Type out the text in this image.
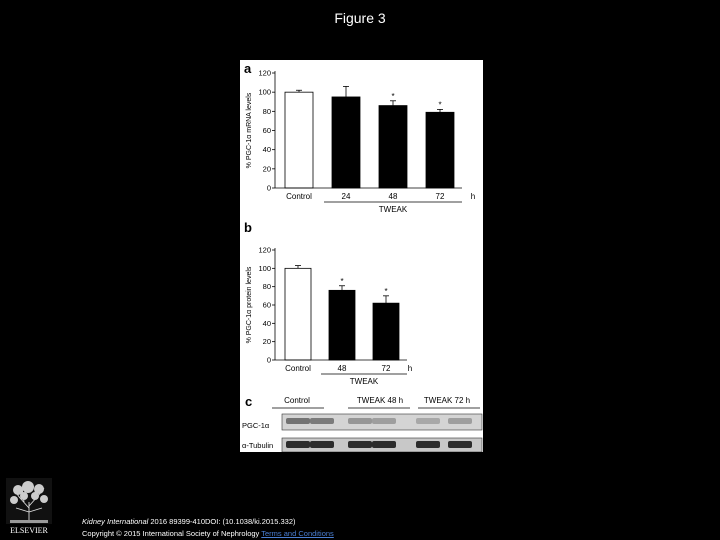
Figure 3
a
% PGC-1α mRNA levels
0
20
40
60
80
100
120
Control	24
*
48
*
72
TWEAK
h
b
% PGC-1α protein levels
0
20
40
60
80
100
120
Control
*
48
*
72
TWEAK
h
c	Control	TWEAK 48 h	TWEAK 72 h
PGC-1α
α-Tubulin
ELSEVIER
Kidney International 2016 89399-410DOI: (10.1038/ki.2015.332)
Copyright © 2015 International Society of Nephrology Terms and Conditions
